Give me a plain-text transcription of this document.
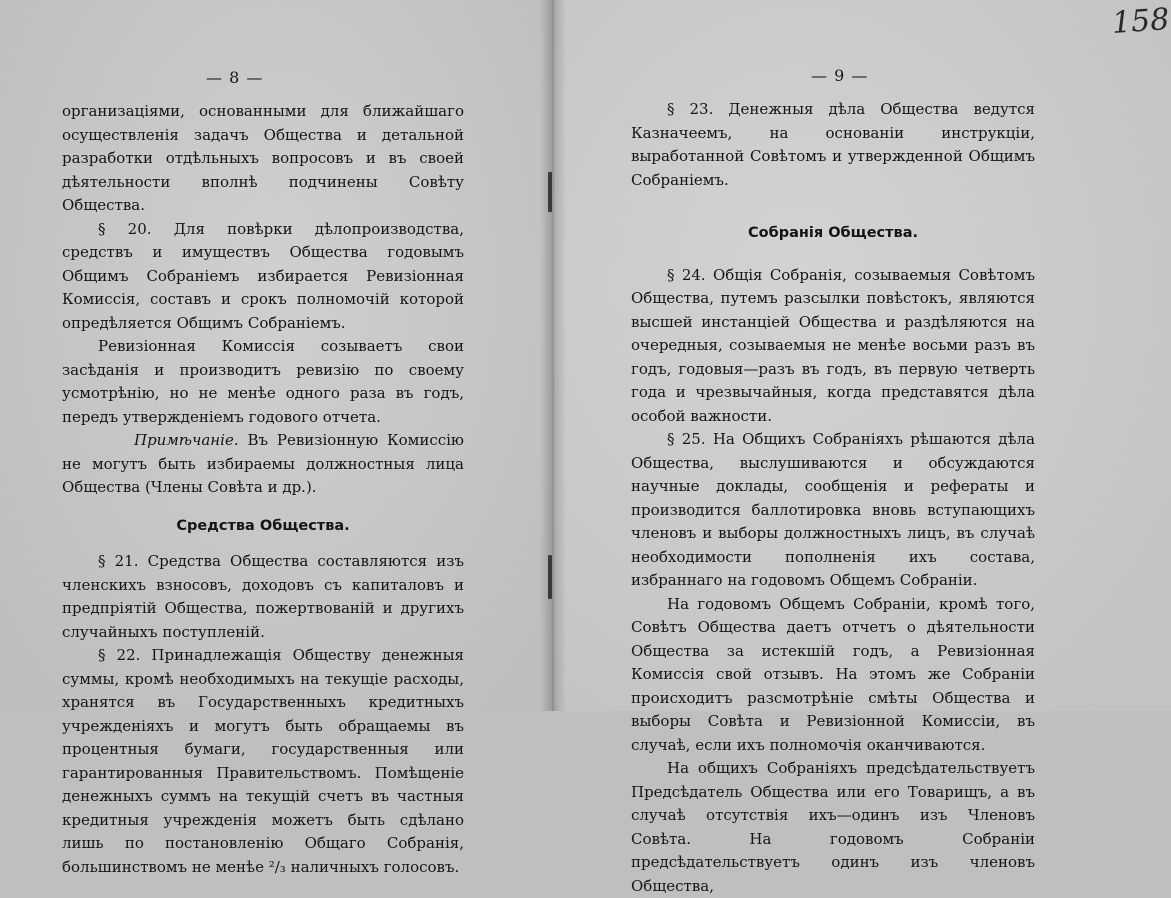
— 8 —

организаціями, основанными для ближайшаго осуществленія задачъ Общества и детальной разработки отдѣльныхъ вопросовъ и въ своей дѣятельности вполнѣ подчинены Совѣту Общества.

§ 20. Для повѣрки дѣлопроизводства, средствъ и имуществъ Общества годовымъ Общимъ Собраніемъ избирается Ревизіонная Комиссія, составъ и срокъ полномочій которой опредѣляется Общимъ Собраніемъ.

Ревизіонная Комиссія созываетъ свои засѣданія и производитъ ревизію по своему усмотрѣнію, но не менѣе одного раза въ годъ, передъ утвержденіемъ годового отчета.

Примѣчаніе. Въ Ревизіонную Комиссію не могутъ быть избираемы должностныя лица Общества (Члены Совѣта и др.).

Средства Общества.

§ 21. Средства Общества составляются изъ членскихъ взносовъ, доходовъ съ капиталовъ и предпріятій Общества, пожертвованій и другихъ случайныхъ поступленій.

§ 22. Принадлежащія Обществу денежныя суммы, кромѣ необходимыхъ на текущіе расходы, хранятся въ Государственныхъ кредитныхъ учрежденіяхъ и могутъ быть обращаемы въ процентныя бумаги, государственныя или гарантированныя Правительствомъ. Помѣщеніе денежныхъ суммъ на текущій счетъ въ частныя кредитныя учрежденія можетъ быть сдѣлано лишь по постановленію Общаго Собранія, большинствомъ не менѣе ²/₃ наличныхъ голосовъ.

158
— 9 —

§ 23. Денежныя дѣла Общества ведутся Казначеемъ, на основаніи инструкціи, выработанной Совѣтомъ и утвержденной Общимъ Собраніемъ.

Собранія Общества.

§ 24. Общія Собранія, созываемыя Совѣтомъ Общества, путемъ разсылки повѣстокъ, являются высшей инстанціей Общества и раздѣляются на очередныя, созываемыя не менѣе восьми разъ въ годъ, годовыя—разъ въ годъ, въ первую четверть года и чрезвычайныя, когда представятся дѣла особой важности.

§ 25. На Общихъ Собраніяхъ рѣшаются дѣла Общества, выслушиваются и обсуждаются научные доклады, сообщенія и рефераты и производится баллотировка вновь вступающихъ членовъ и выборы должностныхъ лицъ, въ случаѣ необходимости пополненія ихъ состава, избраннаго на годовомъ Общемъ Собраніи.

На годовомъ Общемъ Собраніи, кромѣ того, Совѣтъ Общества даетъ отчетъ о дѣятельности Общества за истекшій годъ, а Ревизіонная Комиссія свой отзывъ. На этомъ же Собраніи происходитъ разсмотрѣніе смѣты Общества и выборы Совѣта и Ревизіонной Комиссіи, въ случаѣ, если ихъ полномочія оканчиваются.

На общихъ Собраніяхъ предсѣдательствуетъ Предсѣдатель Общества или его Товарищъ, а въ случаѣ отсутствія ихъ—одинъ изъ Членовъ Совѣта. На годовомъ Собраніи предсѣдательствуетъ одинъ изъ членовъ Общества,
